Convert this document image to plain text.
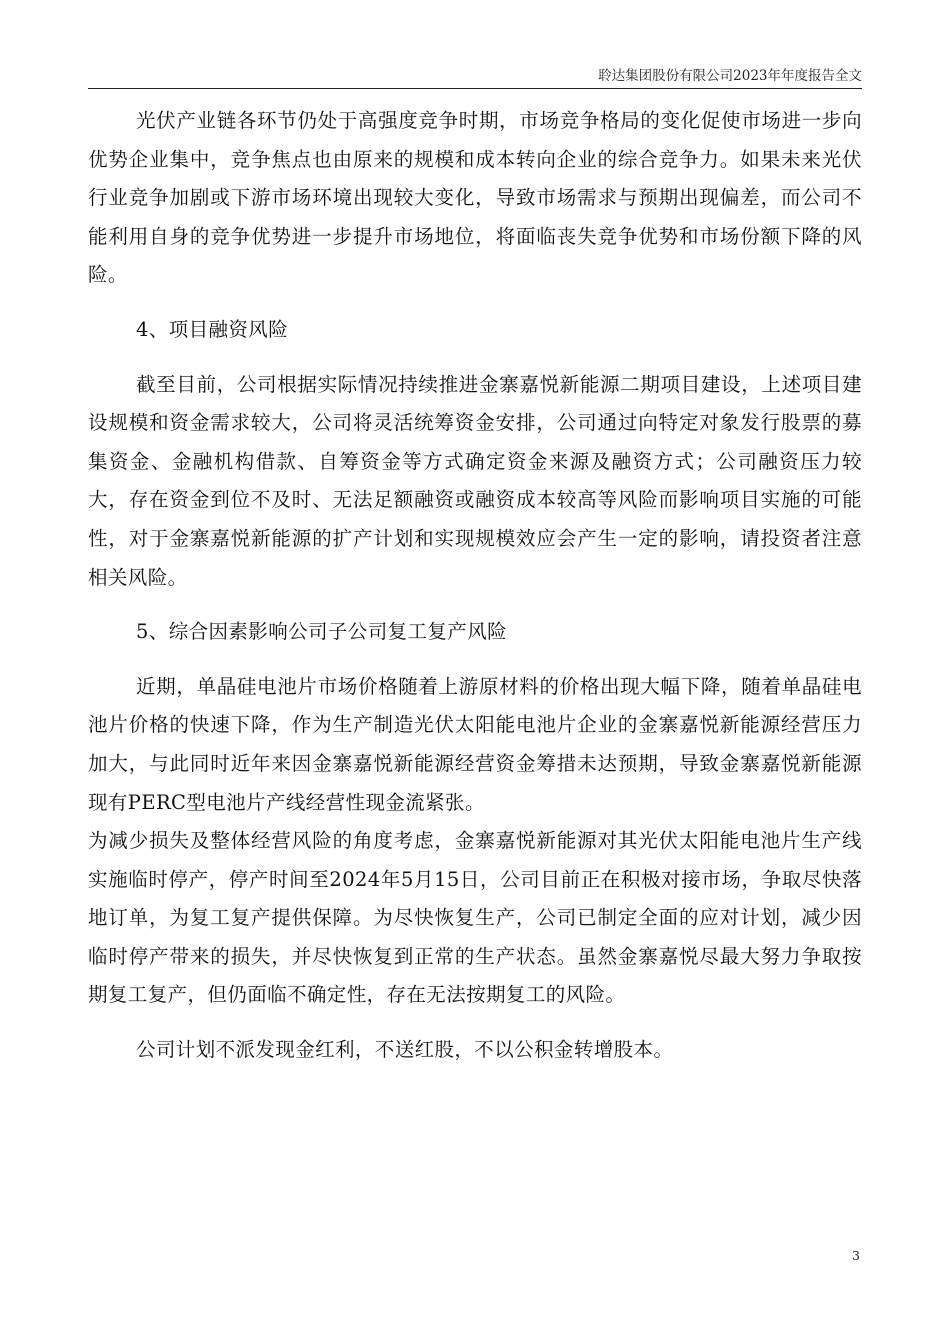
聆达集团股份有限公司2023年年度报告全文

光伏产业链各环节仍处于高强度竞争时期，市场竞争格局的变化促使市场进一步向优势企业集中，竞争焦点也由原来的规模和成本转向企业的综合竞争力。如果未来光伏行业竞争加剧或下游市场环境出现较大变化，导致市场需求与预期出现偏差，而公司不能利用自身的竞争优势进一步提升市场地位，将面临丧失竞争优势和市场份额下降的风险。

4、项目融资风险

截至目前，公司根据实际情况持续推进金寨嘉悦新能源二期项目建设，上述项目建设规模和资金需求较大，公司将灵活统筹资金安排，公司通过向特定对象发行股票的募集资金、金融机构借款、自筹资金等方式确定资金来源及融资方式；公司融资压力较大，存在资金到位不及时、无法足额融资或融资成本较高等风险而影响项目实施的可能性，对于金寨嘉悦新能源的扩产计划和实现规模效应会产生一定的影响，请投资者注意相关风险。

5、综合因素影响公司子公司复工复产风险

近期，单晶硅电池片市场价格随着上游原材料的价格出现大幅下降，随着单晶硅电池片价格的快速下降，作为生产制造光伏太阳能电池片企业的金寨嘉悦新能源经营压力加大，与此同时近年来因金寨嘉悦新能源经营资金筹措未达预期，导致金寨嘉悦新能源现有PERC型电池片产线经营性现金流紧张。

为减少损失及整体经营风险的角度考虑，金寨嘉悦新能源对其光伏太阳能电池片生产线实施临时停产，停产时间至2024年5月15日，公司目前正在积极对接市场，争取尽快落地订单，为复工复产提供保障。为尽快恢复生产，公司已制定全面的应对计划，减少因临时停产带来的损失，并尽快恢复到正常的生产状态。虽然金寨嘉悦尽最大努力争取按期复工复产，但仍面临不确定性，存在无法按期复工的风险。

公司计划不派发现金红利，不送红股，不以公积金转增股本。

3
